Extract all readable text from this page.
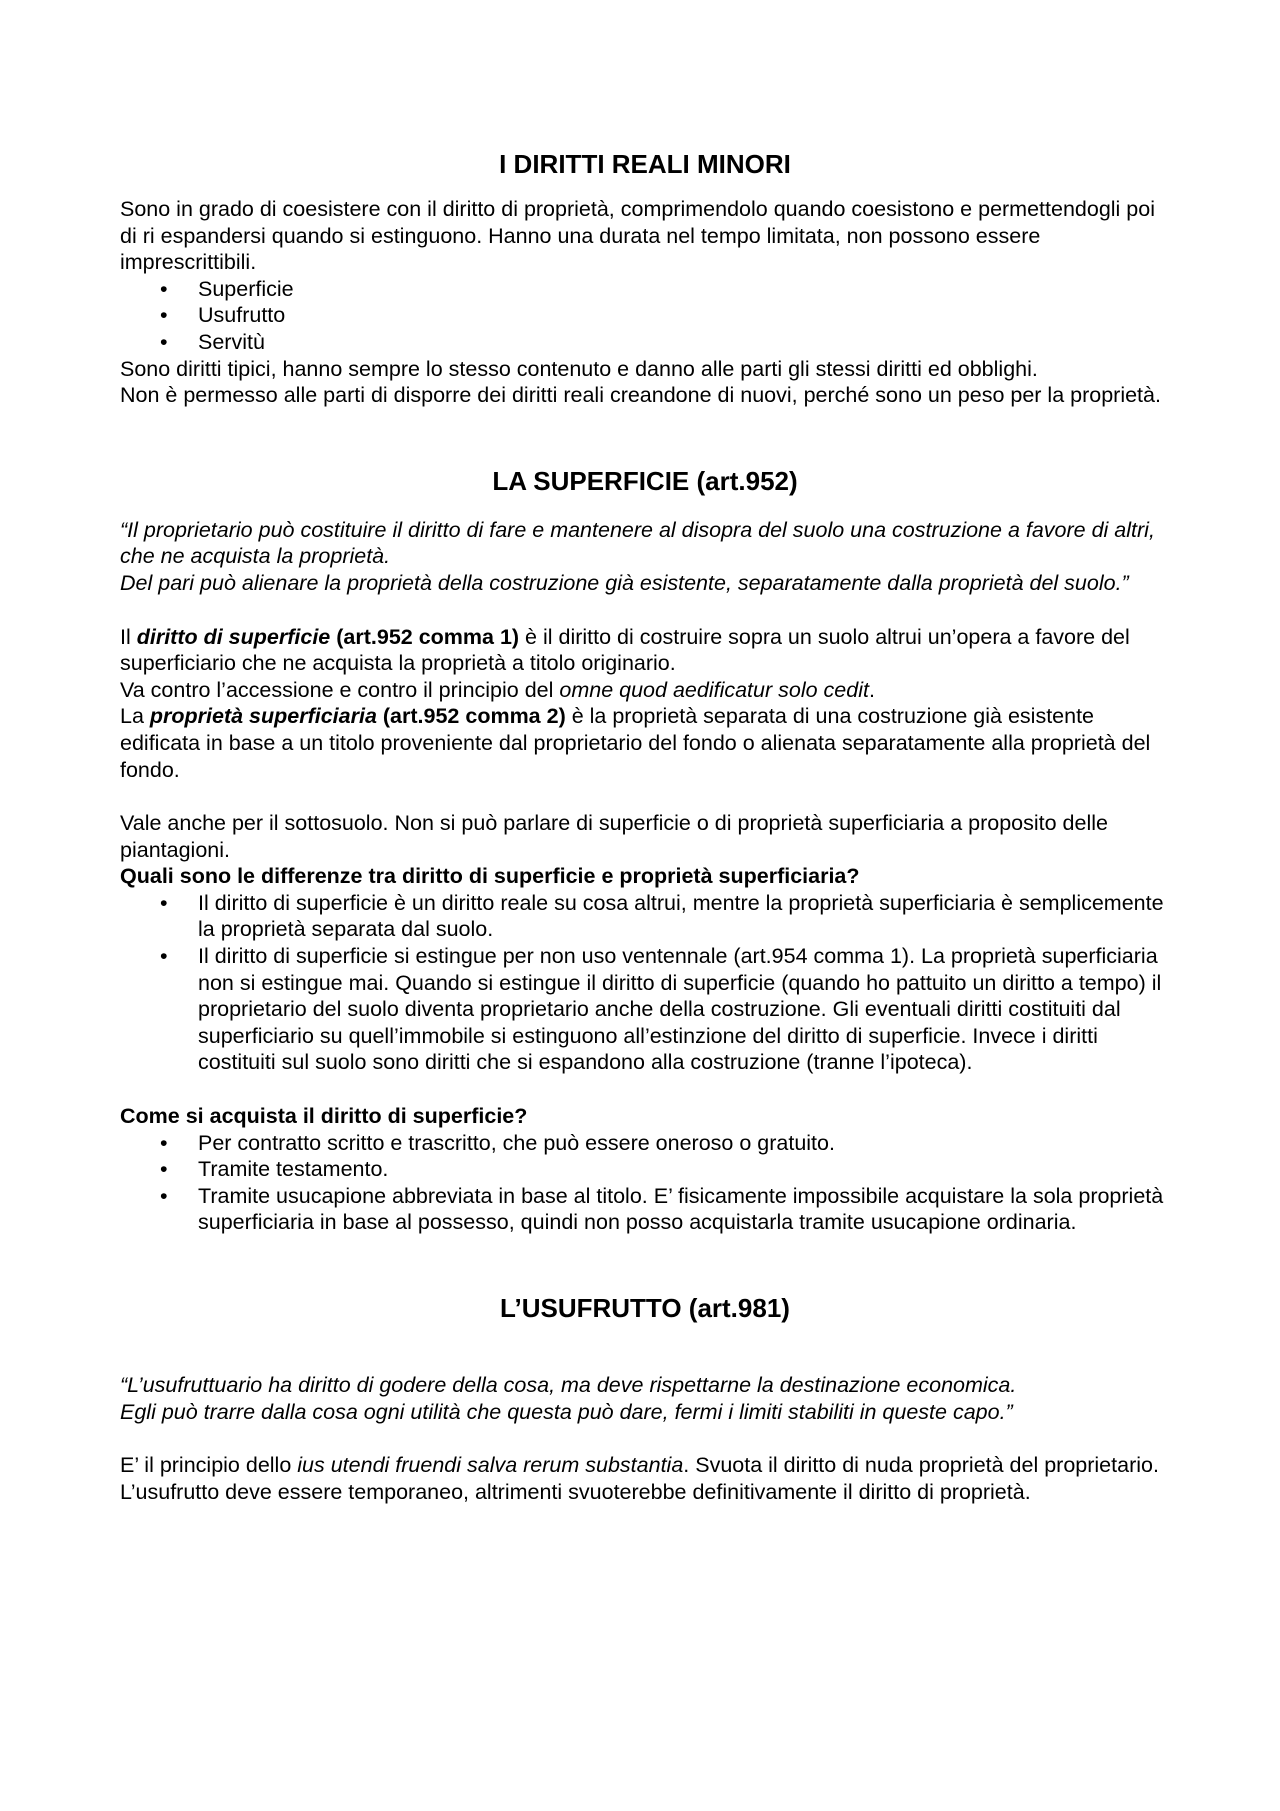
I DIRITTI REALI MINORI

Sono in grado di coesistere con il diritto di proprietà, comprimendolo quando coesistono e permettendogli poi di ri espandersi quando si estinguono. Hanno una durata nel tempo limitata, non possono essere imprescrittibili.

• Superficie
• Usufrutto
• Servitù

Sono diritti tipici, hanno sempre lo stesso contenuto e danno alle parti gli stessi diritti ed obblighi.

Non è permesso alle parti di disporre dei diritti reali creandone di nuovi, perché sono un peso per la proprietà.

LA SUPERFICIE (art.952)

“Il proprietario può costituire il diritto di fare e mantenere al disopra del suolo una costruzione a favore di altri, che ne acquista la proprietà.

Del pari può alienare la proprietà della costruzione già esistente, separatamente dalla proprietà del suolo.”

Il diritto di superficie (art.952 comma 1) è il diritto di costruire sopra un suolo altrui un’opera a favore del superficiario che ne acquista la proprietà a titolo originario.

Va contro l’accessione e contro il principio del omne quod aedificatur solo cedit.

La proprietà superficiaria (art.952 comma 2) è la proprietà separata di una costruzione già esistente edificata in base a un titolo proveniente dal proprietario del fondo o alienata separatamente alla proprietà del fondo.

Vale anche per il sottosuolo. Non si può parlare di superficie o di proprietà superficiaria a proposito delle piantagioni.

Quali sono le differenze tra diritto di superficie e proprietà superficiaria?

• Il diritto di superficie è un diritto reale su cosa altrui, mentre la proprietà superficiaria è semplicemente la proprietà separata dal suolo.
• Il diritto di superficie si estingue per non uso ventennale (art.954 comma 1). La proprietà superficiaria non si estingue mai. Quando si estingue il diritto di superficie (quando ho pattuito un diritto a tempo) il proprietario del suolo diventa proprietario anche della costruzione. Gli eventuali diritti costituiti dal superficiario su quell’immobile si estinguono all’estinzione del diritto di superficie. Invece i diritti costituiti sul suolo sono diritti che si espandono alla costruzione (tranne l’ipoteca).

Come si acquista il diritto di superficie?

• Per contratto scritto e trascritto, che può essere oneroso o gratuito.
• Tramite testamento.
• Tramite usucapione abbreviata in base al titolo. E’ fisicamente impossibile acquistare la sola proprietà superficiaria in base al possesso, quindi non posso acquistarla tramite usucapione ordinaria.
L’USUFRUTTO (art.981)

“L’usufruttuario ha diritto di godere della cosa, ma deve rispettarne la destinazione economica.

Egli può trarre dalla cosa ogni utilità che questa può dare, fermi i limiti stabiliti in queste capo.”

E’ il principio dello ius utendi fruendi salva rerum substantia. Svuota il diritto di nuda proprietà del proprietario.

L’usufrutto deve essere temporaneo, altrimenti svuoterebbe definitivamente il diritto di proprietà.
